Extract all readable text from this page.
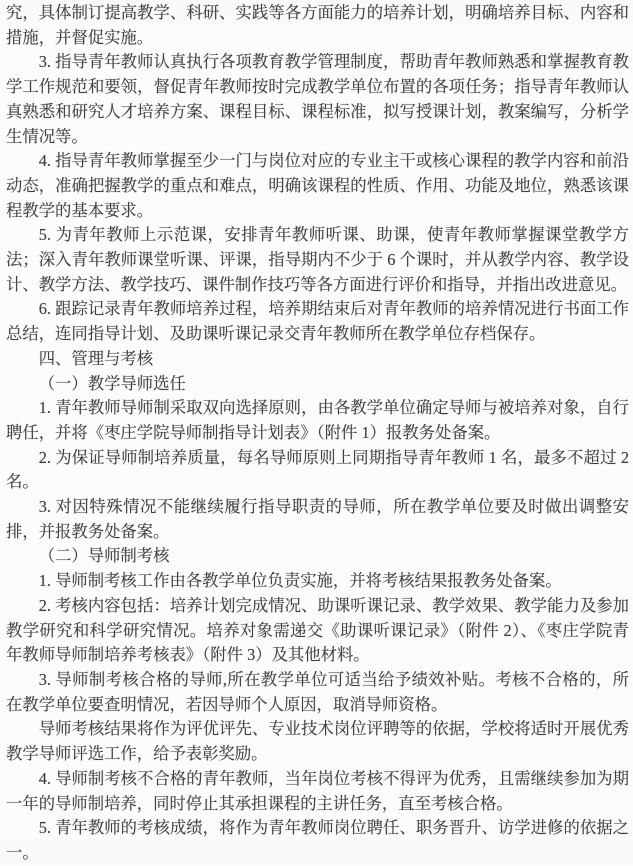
究，具体制订提高教学、科研、实践等各方面能力的培养计划，明确培养目标、内容和措施，并督促实施。

3. 指导青年教师认真执行各项教育教学管理制度，帮助青年教师熟悉和掌握教育教学工作规范和要领，督促青年教师按时完成教学单位布置的各项任务；指导青年教师认真熟悉和研究人才培养方案、课程目标、课程标准，拟写授课计划，教案编写，分析学生情况等。

4. 指导青年教师掌握至少一门与岗位对应的专业主干或核心课程的教学内容和前沿动态，准确把握教学的重点和难点，明确该课程的性质、作用、功能及地位，熟悉该课程教学的基本要求。

5. 为青年教师上示范课，安排青年教师听课、助课，使青年教师掌握课堂教学方法；深入青年教师课堂听课、评课，指导期内不少于 6 个课时，并从教学内容、教学设计、教学方法、教学技巧、课件制作技巧等各方面进行评价和指导，并指出改进意见。

6. 跟踪记录青年教师培养过程，培养期结束后对青年教师的培养情况进行书面工作总结，连同指导计划、及助课听课记录交青年教师所在教学单位存档保存。

四、管理与考核

（一）教学导师选任

1. 青年教师导师制采取双向选择原则，由各教学单位确定导师与被培养对象，自行聘任，并将《枣庄学院导师制指导计划表》（附件 1）报教务处备案。

2. 为保证导师制培养质量，每名导师原则上同期指导青年教师 1 名，最多不超过 2 名。

3. 对因特殊情况不能继续履行指导职责的导师，所在教学单位要及时做出调整安排，并报教务处备案。

（二）导师制考核

1. 导师制考核工作由各教学单位负责实施，并将考核结果报教务处备案。

2. 考核内容包括：培养计划完成情况、助课听课记录、教学效果、教学能力及参加教学研究和科学研究情况。培养对象需递交《助课听课记录》（附件 2）、《枣庄学院青年教师导师制培养考核表》（附件 3）及其他材料。

3. 导师制考核合格的导师,所在教学单位可适当给予绩效补贴。考核不合格的，所在教学单位要查明情况，若因导师个人原因，取消导师资格。

导师考核结果将作为评优评先、专业技术岗位评聘等的依据，学校将适时开展优秀教学导师评选工作，给予表彰奖励。

4. 导师制考核不合格的青年教师，当年岗位考核不得评为优秀，且需继续参加为期一年的导师制培养，同时停止其承担课程的主讲任务，直至考核合格。

5. 青年教师的考核成绩，将作为青年教师岗位聘任、职务晋升、访学进修的依据之一。
